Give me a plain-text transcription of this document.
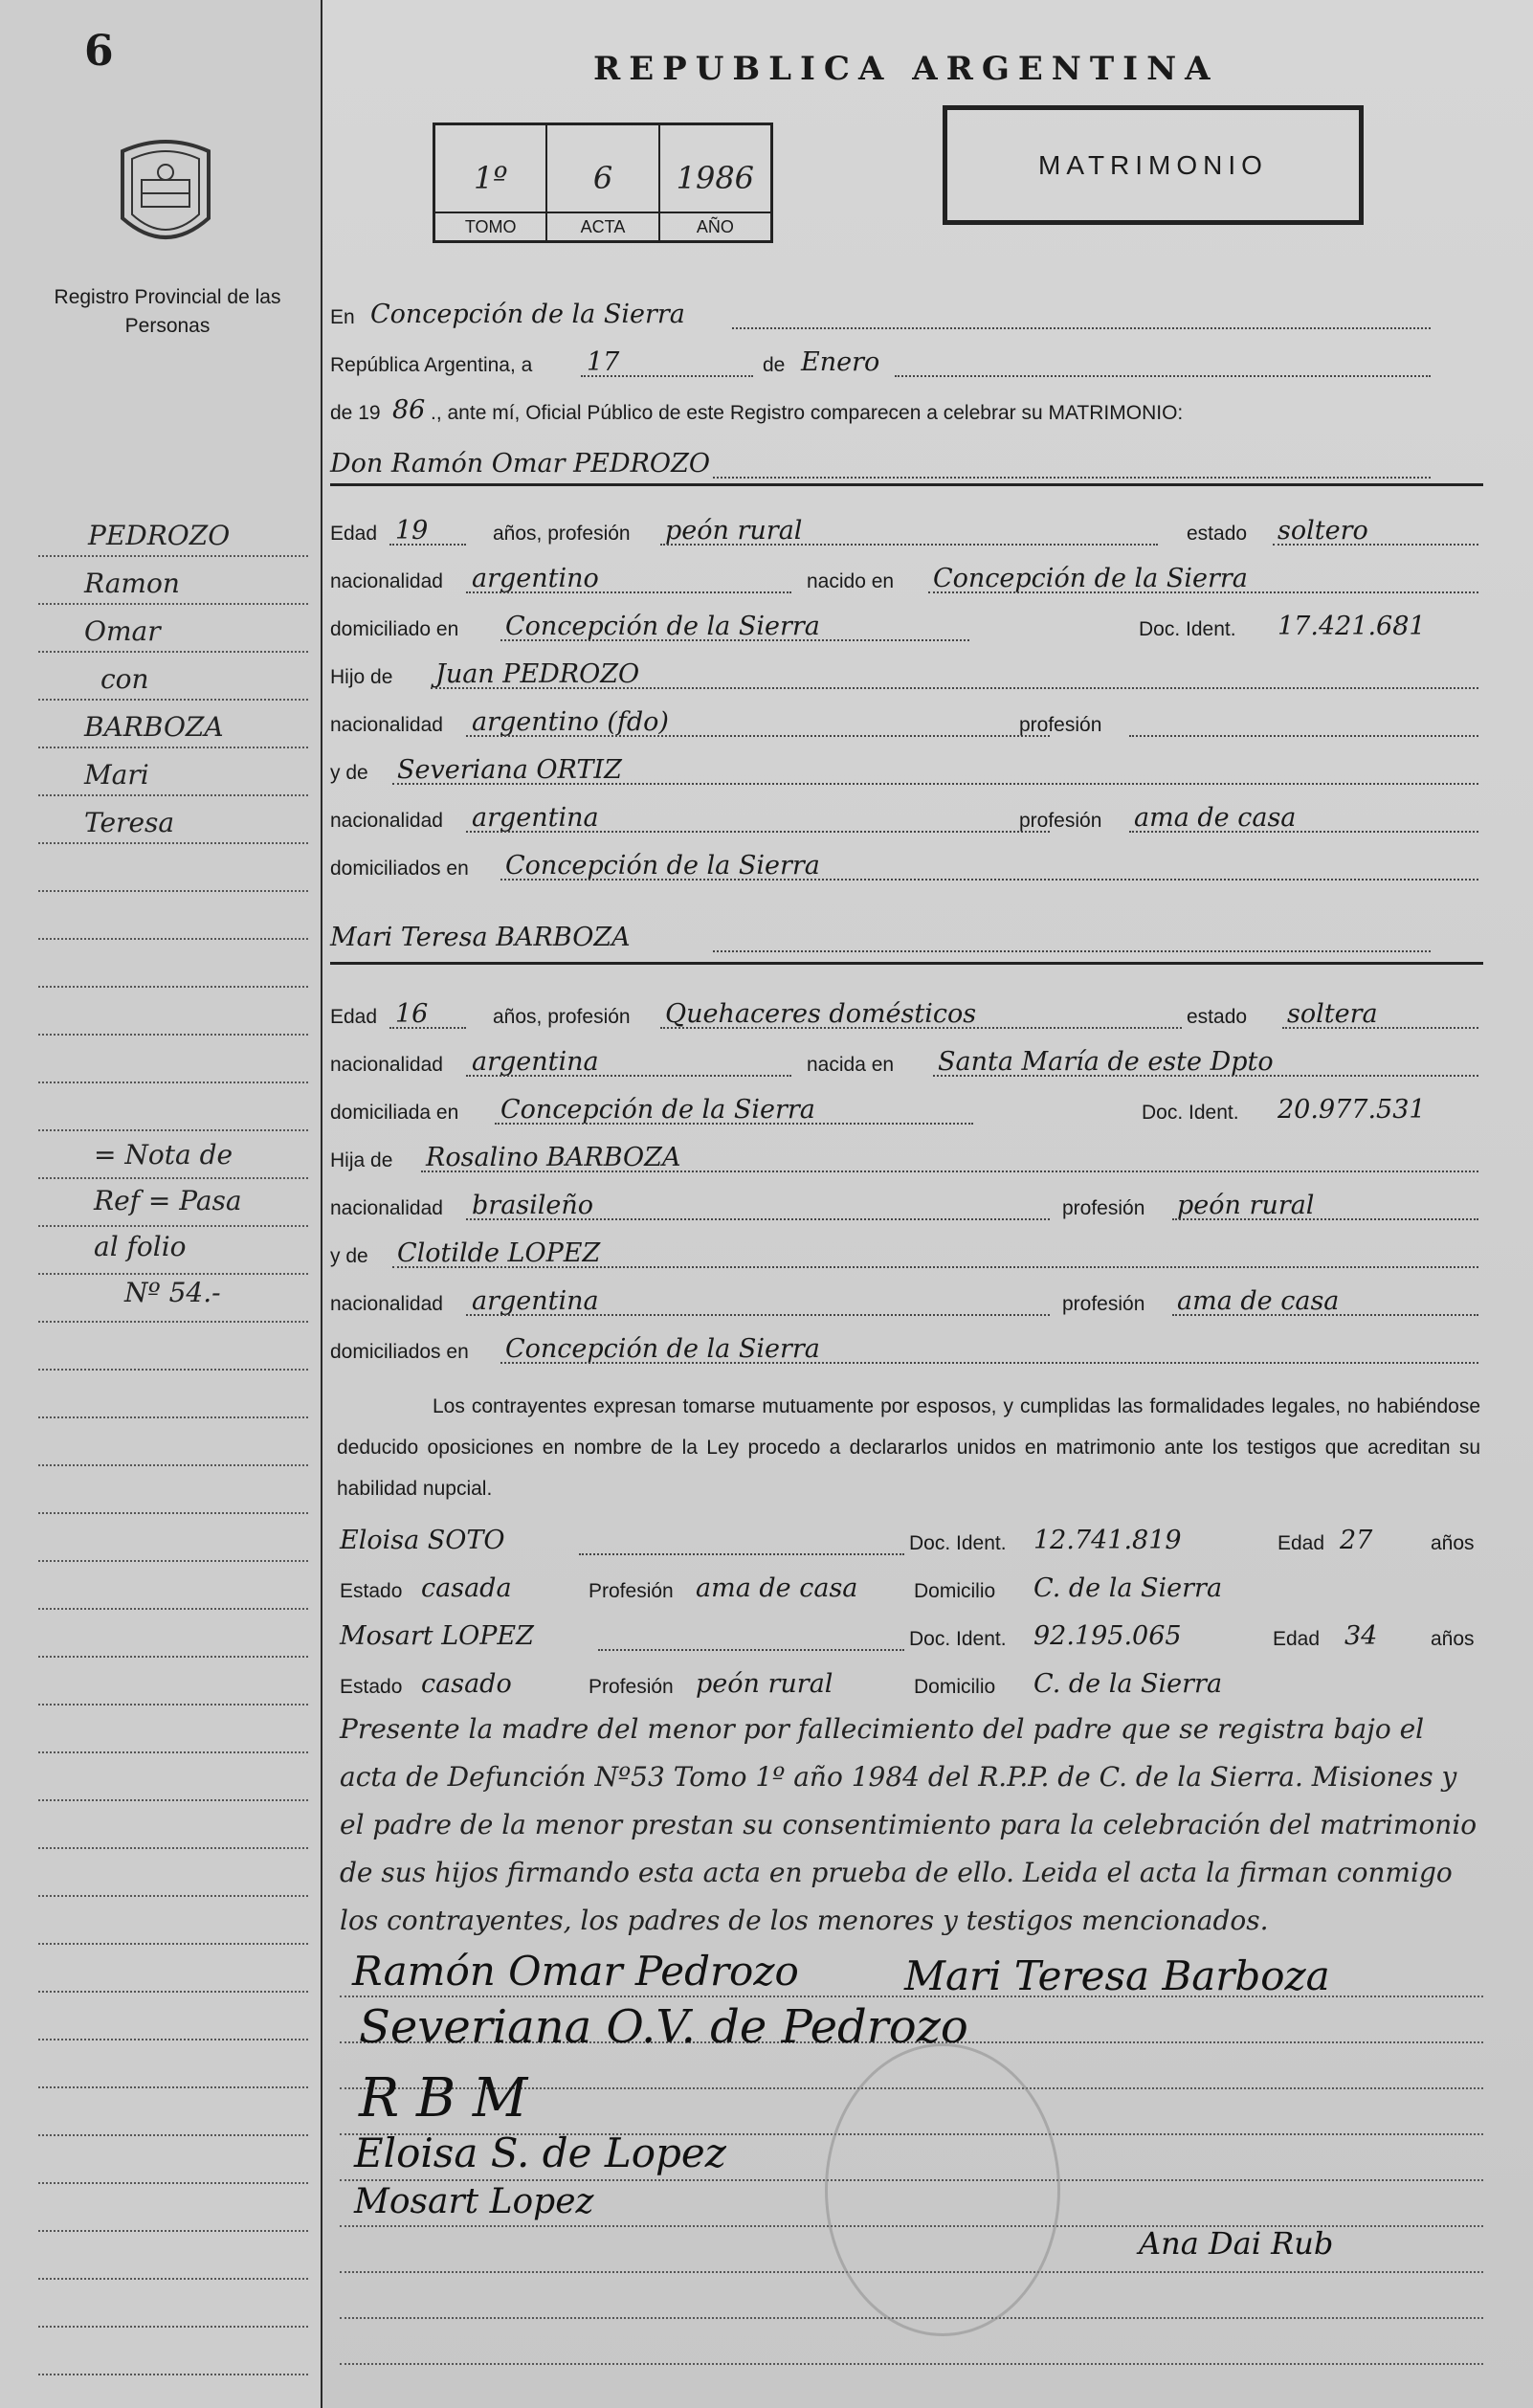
6
Registro Provincial de las Personas
PEDROZO
Ramon
Omar
con
BARBOZA
Mari
Teresa
= Nota de
Ref = Pasa
al folio
Nº 54.-
REPUBLICA ARGENTINA
1º
TOMO
6
ACTA
1986
AÑO
MATRIMONIO
En Concepción de la Sierra
República Argentina, a 17	de Enero
de 19 86 ., ante mí, Oficial Público de este Registro comparecen a celebrar su MATRIMONIO:
Don Ramón Omar PEDROZO
Edad 19	años, profesión peón rural	estado soltero
nacionalidad argentino	nacido en Concepción de la Sierra
domiciliado en Concepción de la Sierra	Doc. Ident. 17.421.681
Hijo de Juan PEDROZO
nacionalidad argentino (fdo)	profesión
y de Severiana ORTIZ
nacionalidad argentina	profesión ama de casa
domiciliados en Concepción de la Sierra
Mari Teresa BARBOZA
Edad 16	años, profesión Quehaceres domésticos	estado soltera
nacionalidad argentina	nacida en Santa María de este Dpto
domiciliada en Concepción de la Sierra	Doc. Ident. 20.977.531
Hija de Rosalino BARBOZA
nacionalidad brasileño	profesión peón rural
y de Clotilde LOPEZ
nacionalidad argentina	profesión ama de casa
domiciliados en Concepción de la Sierra
Los contrayentes expresan tomarse mutuamente por esposos, y cumplidas las formalidades legales, no habiéndose deducido oposiciones en nombre de la Ley procedo a declararlos unidos en matrimonio ante los testigos que acreditan su habilidad nupcial.
Eloisa SOTO	Doc. Ident. 12.741.819	Edad 27	años
Estado casada	Profesión ama de casa	Domicilio C. de la Sierra
Mosart LOPEZ	Doc. Ident. 92.195.065	Edad 34	años
Estado casado	Profesión peón rural	Domicilio C. de la Sierra
Presente la madre del menor por fallecimiento del padre que se registra bajo el
acta de Defunción Nº53 Tomo 1º año 1984 del R.P.P. de C. de la Sierra. Misiones y
el padre de la menor prestan su consentimiento para la celebración del matrimonio
de sus hijos firmando esta acta en prueba de ello. Leida el acta la firman conmigo
los contrayentes, los padres de los menores y testigos mencionados.
Ramón Omar Pedrozo	Mari Teresa Barboza
Severiana O.V. de Pedrozo
R B M
Eloisa S. de Lopez
Mosart Lopez
Ana Dai Rub
